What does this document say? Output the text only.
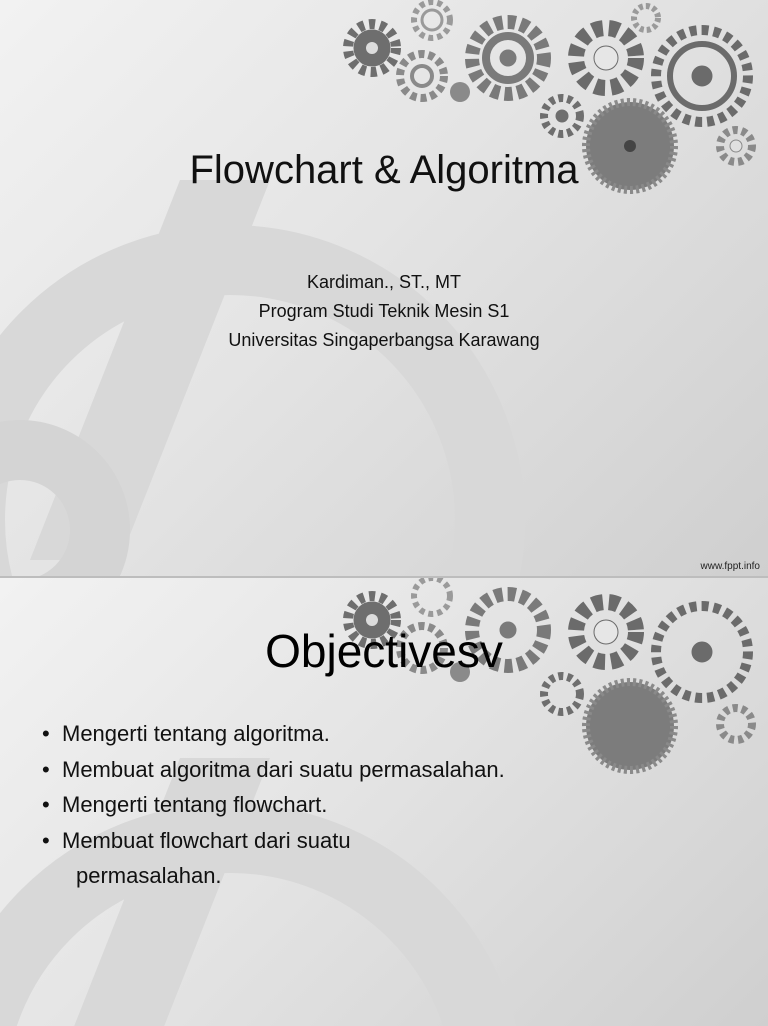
Flowchart & Algoritma
Kardiman., ST., MT
Program Studi Teknik Mesin S1
Universitas Singaperbangsa Karawang
www.fppt.info
Objectivesv
• Mengerti tentang algoritma.
• Membuat algoritma dari suatu permasalahan.
• Mengerti tentang flowchart.
• Membuat flowchart dari suatu
permasalahan.
